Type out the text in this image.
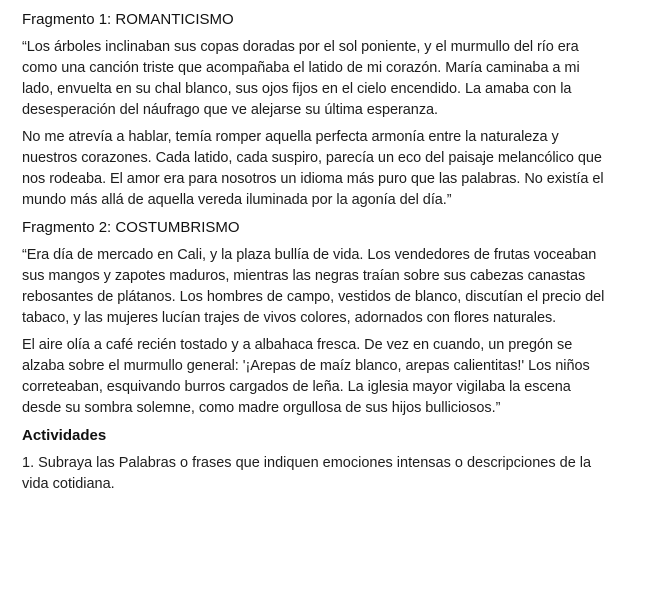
Fragmento 1: ROMANTICISMO

“Los árboles inclinaban sus copas doradas por el sol poniente, y el murmullo del río era como una canción triste que acompañaba el latido de mi corazón. María caminaba a mi lado, envuelta en su chal blanco, sus ojos fijos en el cielo encendido. La amaba con la desesperación del náufrago que ve alejarse su última esperanza.

No me atrevía a hablar, temía romper aquella perfecta armonía entre la naturaleza y nuestros corazones. Cada latido, cada suspiro, parecía un eco del paisaje melancólico que nos rodeaba. El amor era para nosotros un idioma más puro que las palabras. No existía el mundo más allá de aquella vereda iluminada por la agonía del día.”

Fragmento 2: COSTUMBRISMO

“Era día de mercado en Cali, y la plaza bullía de vida. Los vendedores de frutas voceaban sus mangos y zapotes maduros, mientras las negras traían sobre sus cabezas canastas rebosantes de plátanos. Los hombres de campo, vestidos de blanco, discutían el precio del tabaco, y las mujeres lucían trajes de vivos colores, adornados con flores naturales.

El aire olía a café recién tostado y a albahaca fresca. De vez en cuando, un pregón se alzaba sobre el murmullo general: '¡Arepas de maíz blanco, arepas calientitas!' Los niños correteaban, esquivando burros cargados de leña. La iglesia mayor vigilaba la escena desde su sombra solemne, como madre orgullosa de sus hijos bulliciosos.”

Actividades
1. Subraya las Palabras o frases que indiquen emociones intensas o descripciones de la vida cotidiana.
